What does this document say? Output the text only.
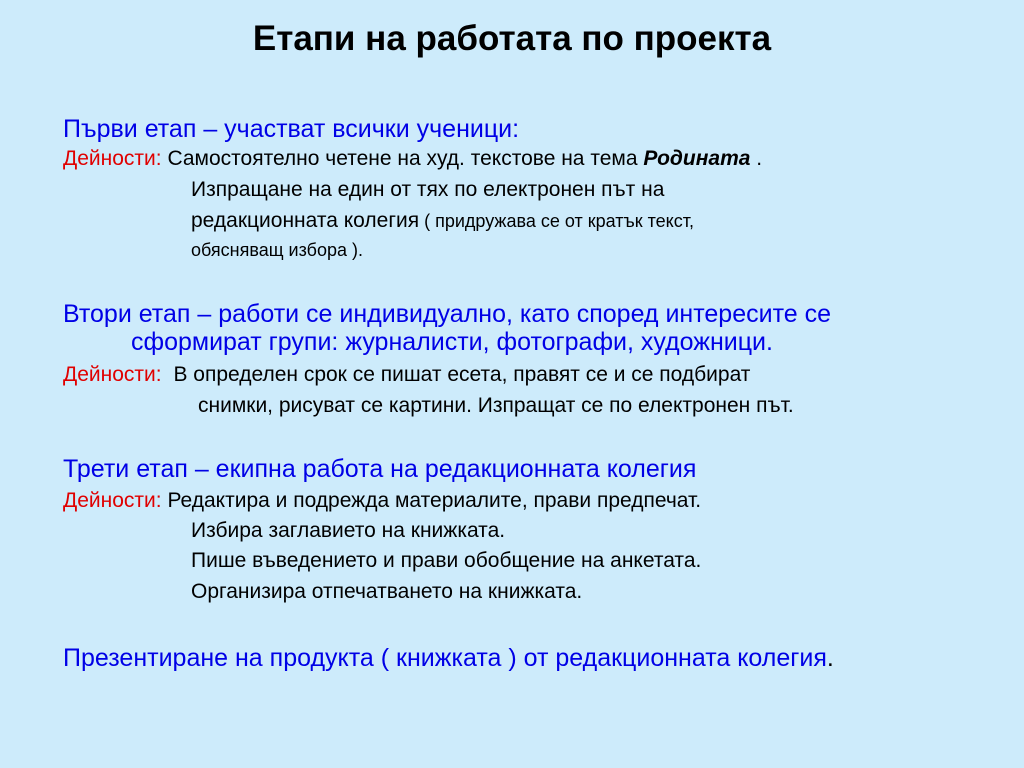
Етапи на работата по проекта
Първи етап – участват всички ученици:
Дейности: Самостоятелно четене на худ. текстове на тема Родината .
Изпращане на един от тях по електронен път на
редакционната колегия ( придружава се от кратък текст,
обясняващ избора ).
Втори етап – работи се индивидуално, като според интересите се
сформират групи: журналисти, фотографи, художници.
Дейности: В определен срок се пишат есета, правят се и се подбират
снимки, рисуват се картини. Изпращат се по електронен път.
Трети етап – екипна работа на редакционната колегия
Дейности: Редактира и подрежда материалите, прави предпечат.
Избира заглавието на книжката.
Пише въведението и прави обобщение на анкетата.
Организира отпечатването на книжката.
Презентиране на продукта ( книжката ) от редакционната колегия.
